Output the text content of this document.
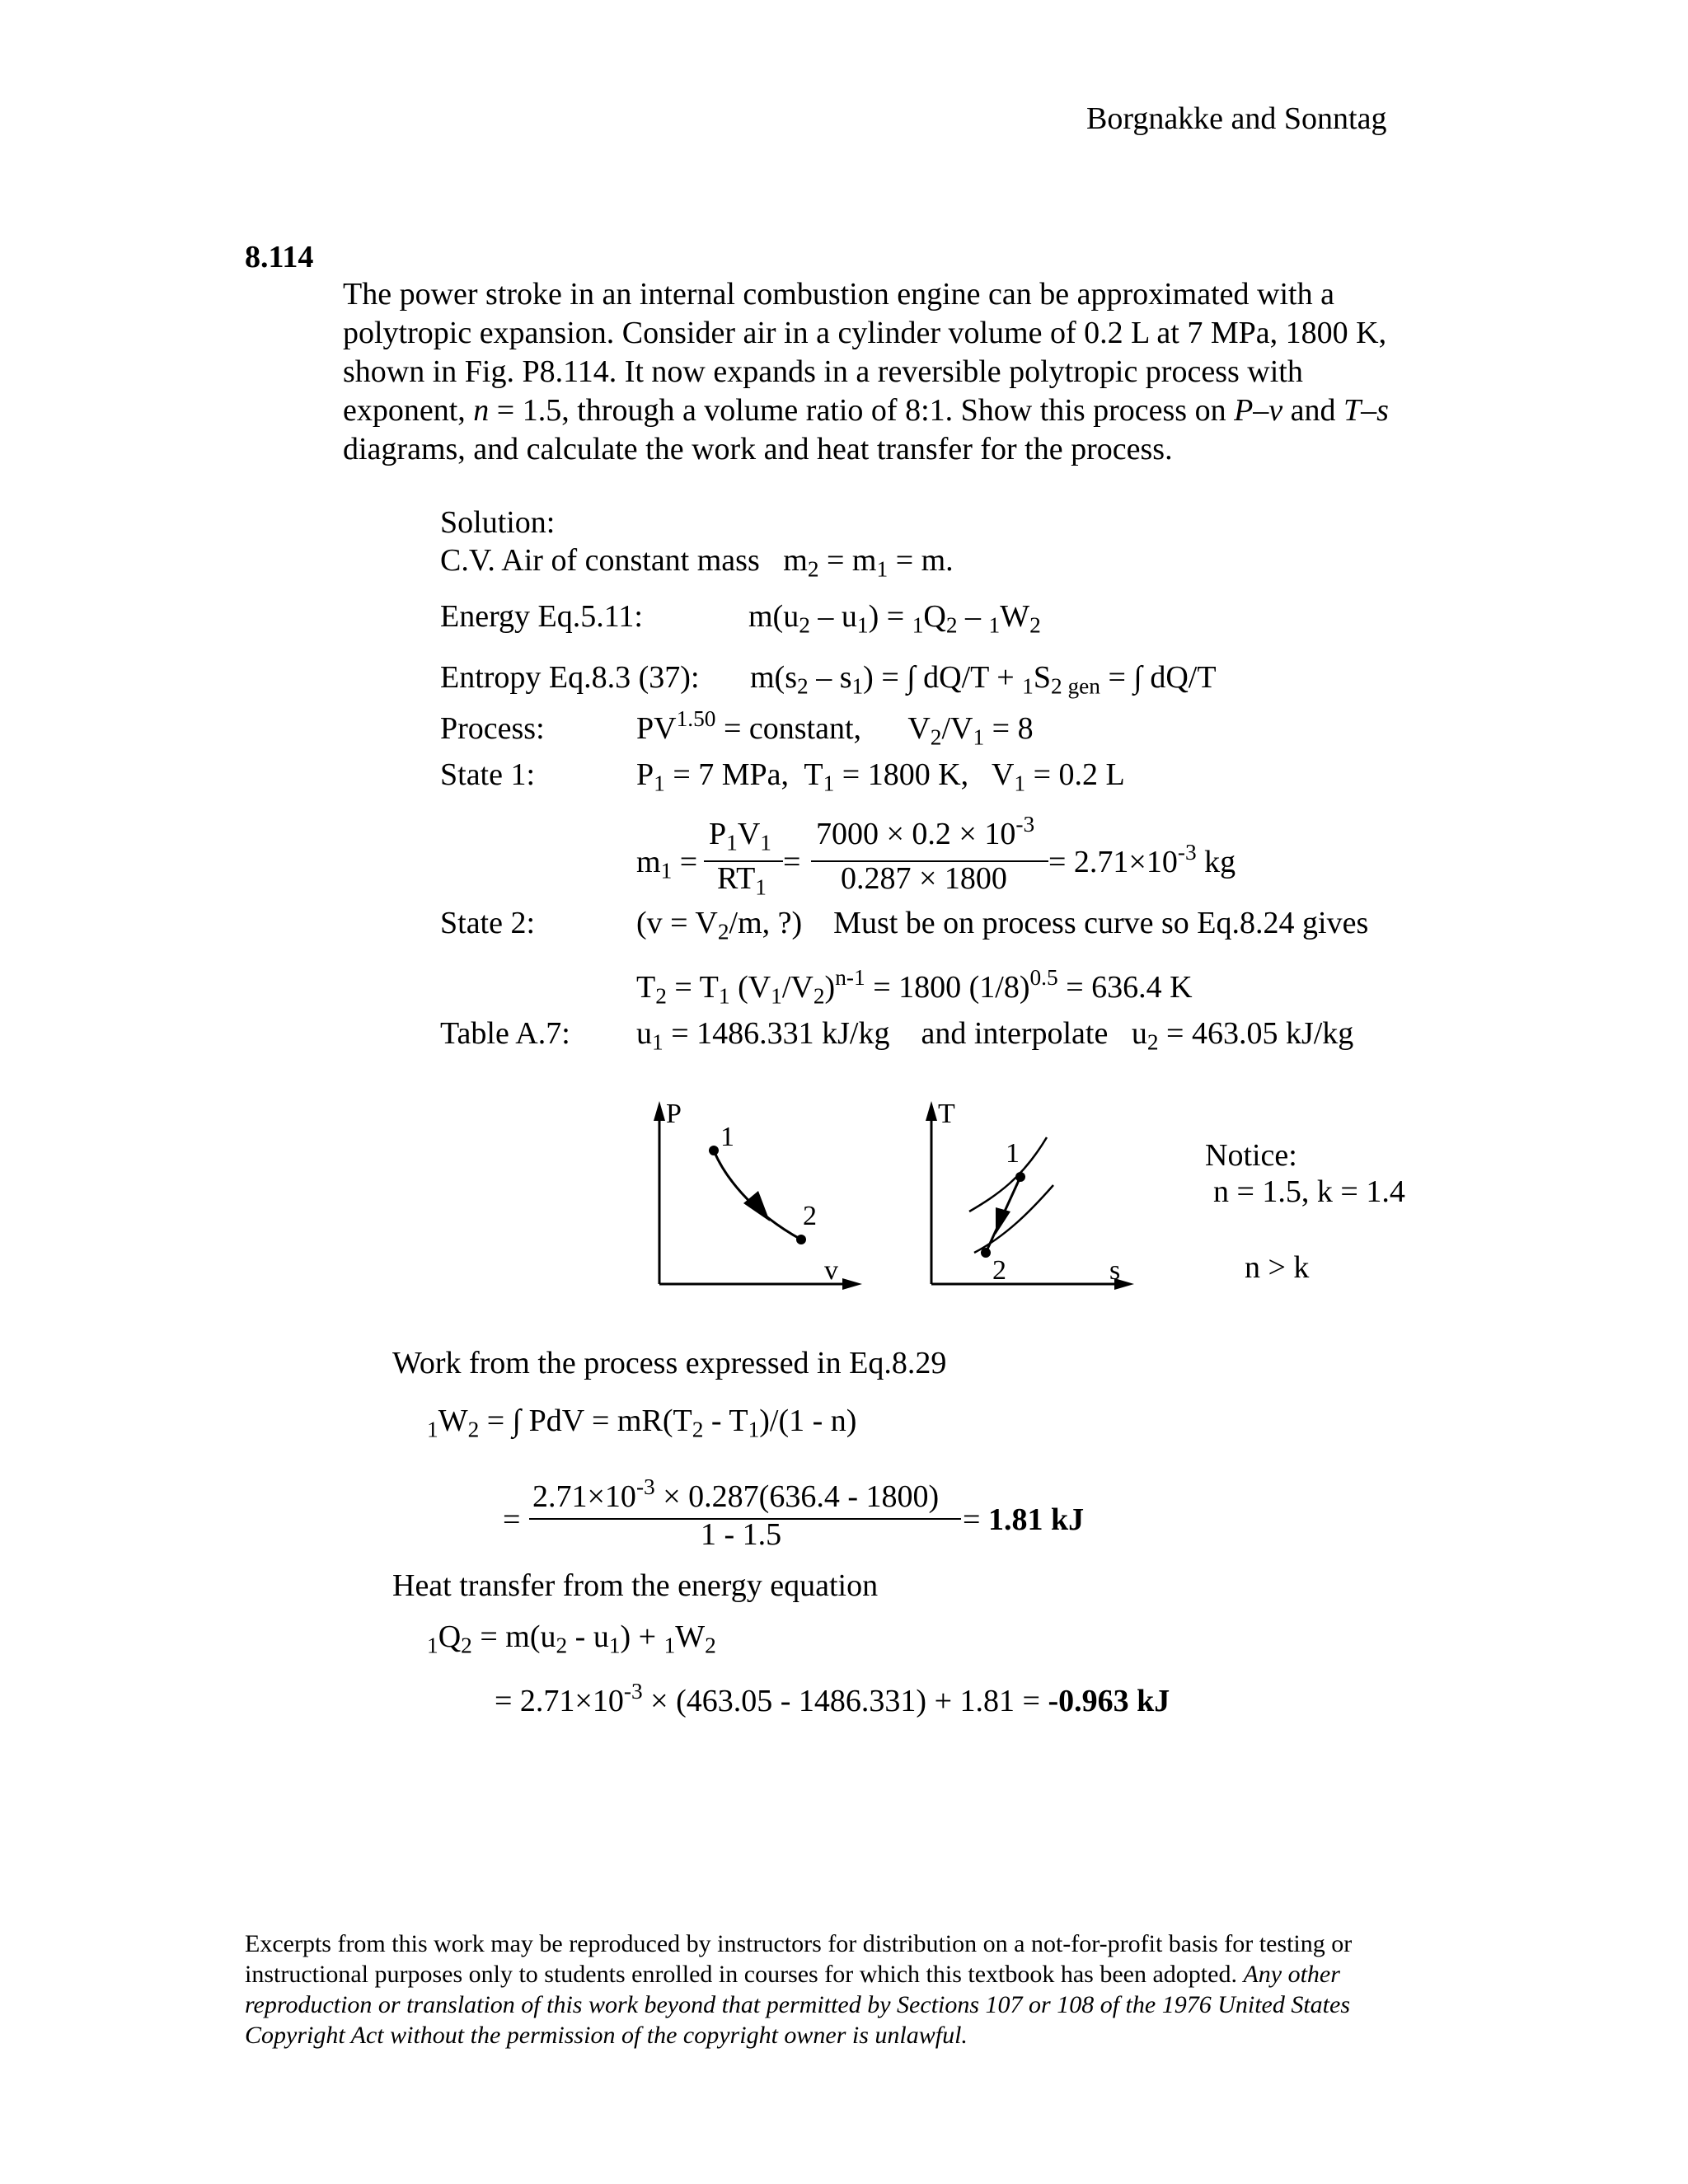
Borgnakke and Sonntag
8.114
The power stroke in an internal combustion engine can be approximated with a polytropic expansion. Consider air in a cylinder volume of 0.2 L at 7 MPa, 1800 K, shown in Fig. P8.114. It now expands in a reversible polytropic process with exponent, n = 1.5, through a volume ratio of 8:1. Show this process on P–v and T–s diagrams, and calculate the work and heat transfer for the process.
Solution:
C.V. Air of constant mass $m_2 = m_1 = m$.
Energy Eq.5.11:	$m(u_2 - u_1) = _1Q_2 - _1W_2$
Entropy Eq.8.3 (37): $m(s_2 - s_1)$ = ∫ $dQ/T + _1S_{2 gen}$ = ∫ dQ/T
Process:	$PV^{1.50}$ = constant,      $V_2/V_1 = 8$
State 1:	$P_1 = 7$ MPa,  $T_1 = 1800$ K,   $V_1 = 0.2$ L
$m_1$ =
$P_1V_1$
$RT_1$
=
$7000 \times 0.2 \times 10^{-3}$
$0.287 \times 1800 = 2.71\times 10^{-3}$ kg
State 2:	($v = V_2/m$, ?)    Must be on process curve so Eq.8.24 gives
$T_2 = T_1$ $(V_1/V_2)^{n-1} = 1800$ $(1/8)^{0.5} = 636.4$ K
Table A.7: $u_1 = 1486.331$ kJ/kg and interpolate   $u_2 = 463.05$ kJ/kg
P
v
1
2
T
s
1
2
Notice:
n = 1.5, k = 1.4
n > k
Work from the process expressed in Eq.8.29
$_1W_2$ = ∫ PdV = $mR(T_2 - T_1)/(1 - n)$
=
$2.71\times 10^{-3} \times 0.287(636.4 - 1800)$
1 - 1.5	= 1.81 kJ
Heat transfer from the energy equation
$_1Q_2 = m(u_2 - u_1) + _1W_2$
= $2.71\times 10^{-3} \times (463.05 - 1486.331) + 1.81 = -0.963$ kJ
Excerpts from this work may be reproduced by instructors for distribution on a not-for-profit basis for testing or instructional purposes only to students enrolled in courses for which this textbook has been adopted. Any other reproduction or translation of this work beyond that permitted by Sections 107 or 108 of the 1976 United States Copyright Act without the permission of the copyright owner is unlawful.
